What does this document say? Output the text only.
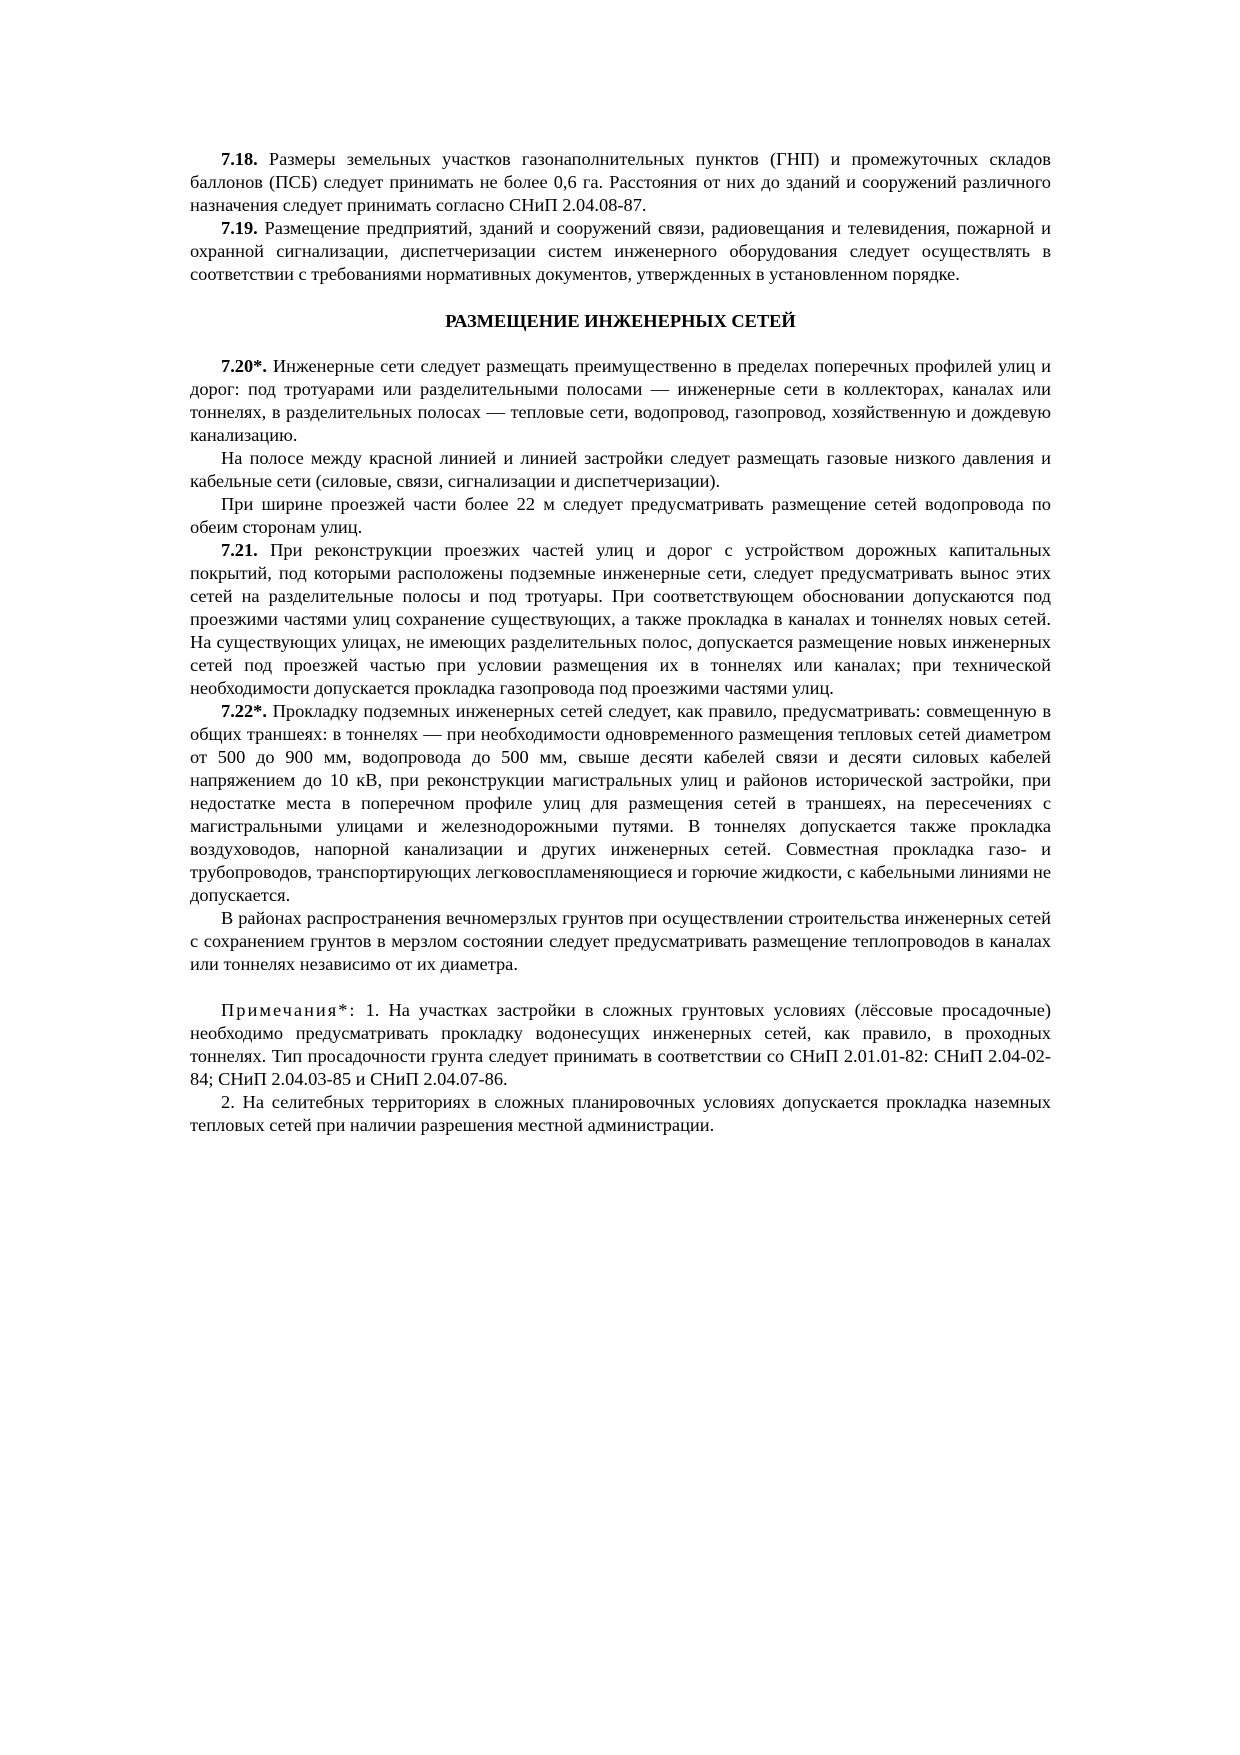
7.18. Размеры земельных участков газонаполнительных пунктов (ГНП) и промежуточных складов баллонов (ПСБ) следует принимать не более 0,6 га. Расстояния от них до зданий и сооружений различного назначения следует принимать согласно СНиП 2.04.08-87.

7.19. Размещение предприятий, зданий и сооружений связи, радиовещания и телевидения, пожарной и охранной сигнализации, диспетчеризации систем инженерного оборудования следует осуществлять в соответствии с требованиями нормативных документов, утвержденных в установленном порядке.

РАЗМЕЩЕНИЕ ИНЖЕНЕРНЫХ СЕТЕЙ

7.20*. Инженерные сети следует размещать преимущественно в пределах поперечных профилей улиц и дорог: под тротуарами или разделительными полосами — инженерные сети в коллекторах, каналах или тоннелях, в разделительных полосах — тепловые сети, водопровод, газопровод, хозяйственную и дождевую канализацию.

На полосе между красной линией и линией застройки следует размещать газовые низкого давления и кабельные сети (силовые, связи, сигнализации и диспетчеризации).

При ширине проезжей части более 22 м следует предусматривать размещение сетей водопровода по обеим сторонам улиц.

7.21. При реконструкции проезжих частей улиц и дорог с устройством дорожных капитальных покрытий, под которыми расположены подземные инженерные сети, следует предусматривать вынос этих сетей на разделительные полосы и под тротуары. При соответствующем обосновании допускаются под проезжими частями улиц сохранение существующих, а также прокладка в каналах и тоннелях новых сетей. На существующих улицах, не имеющих разделительных полос, допускается размещение новых инженерных сетей под проезжей частью при условии размещения их в тоннелях или каналах; при технической необходимости допускается прокладка газопровода под проезжими частями улиц.

7.22*. Прокладку подземных инженерных сетей следует, как правило, предусматривать: совмещенную в общих траншеях: в тоннелях — при необходимости одновременного размещения тепловых сетей диаметром от 500 до 900 мм, водопровода до 500 мм, свыше десяти кабелей связи и десяти силовых кабелей напряжением до 10 кВ, при реконструкции магистральных улиц и районов исторической застройки, при недостатке места в поперечном профиле улиц для размещения сетей в траншеях, на пересечениях с магистральными улицами и железнодорожными путями. В тоннелях допускается также прокладка воздуховодов, напорной канализации и других инженерных сетей. Совместная прокладка газо- и трубопроводов, транспортирующих легковоспламеняющиеся и горючие жидкости, с кабельными линиями не допускается.

В районах распространения вечномерзлых грунтов при осуществлении строительства инженерных сетей с сохранением грунтов в мерзлом состоянии следует предусматривать размещение теплопроводов в каналах или тоннелях независимо от их диаметра.

Примечания*: 1. На участках застройки в сложных грунтовых условиях (лёссовые просадочные) необходимо предусматривать прокладку водонесущих инженерных сетей, как правило, в проходных тоннелях. Тип просадочности грунта следует принимать в соответствии со СНиП 2.01.01-82: СНиП 2.04-02-84; СНиП 2.04.03-85 и СНиП 2.04.07-86.

2. На селитебных территориях в сложных планировочных условиях допускается прокладка наземных тепловых сетей при наличии разрешения местной администрации.
